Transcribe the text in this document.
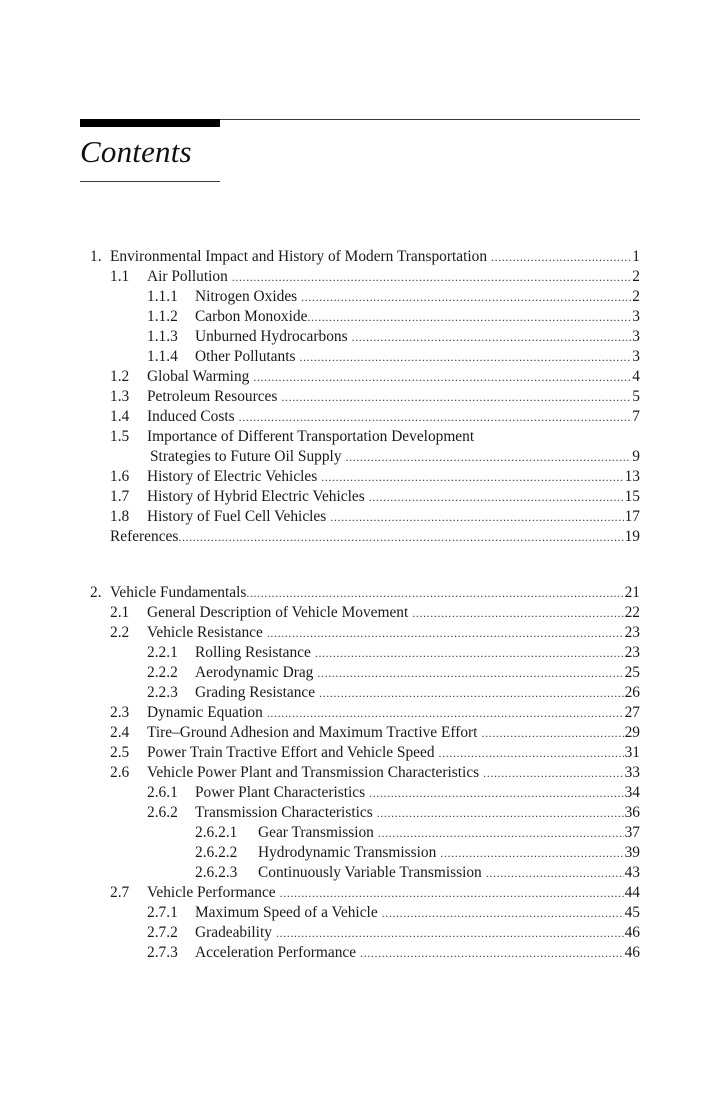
Contents
1. Environmental Impact and History of Modern Transportation .....	1
1.1 Air Pollution .....	2
1.1.1 Nitrogen Oxides .....	2
1.1.2 Carbon Monoxide .....	3
1.1.3 Unburned Hydrocarbons .....	3
1.1.4 Other Pollutants .....	3
1.2 Global Warming .....	4
1.3 Petroleum Resources .....	5
1.4 Induced Costs .....	7
1.5 Importance of Different Transportation Development
Strategies to Future Oil Supply .....	9
1.6 History of Electric Vehicles .....	13
1.7 History of Hybrid Electric Vehicles .....	15
1.8 History of Fuel Cell Vehicles .....	17
References .....	19
2. Vehicle Fundamentals .....	21
2.1 General Description of Vehicle Movement .....	22
2.2 Vehicle Resistance .....	23
2.2.1 Rolling Resistance .....	23
2.2.2 Aerodynamic Drag .....	25
2.2.3 Grading Resistance .....	26
2.3 Dynamic Equation .....	27
2.4 Tire–Ground Adhesion and Maximum Tractive Effort .....	29
2.5 Power Train Tractive Effort and Vehicle Speed .....	31
2.6 Vehicle Power Plant and Transmission Characteristics .....	33
2.6.1 Power Plant Characteristics .....	34
2.6.2 Transmission Characteristics .....	36
2.6.2.1 Gear Transmission .....	37
2.6.2.2 Hydrodynamic Transmission .....	39
2.6.2.3 Continuously Variable Transmission .....	43
2.7 Vehicle Performance .....	44
2.7.1 Maximum Speed of a Vehicle .....	45
2.7.2 Gradeability .....	46
2.7.3 Acceleration Performance .....	46
